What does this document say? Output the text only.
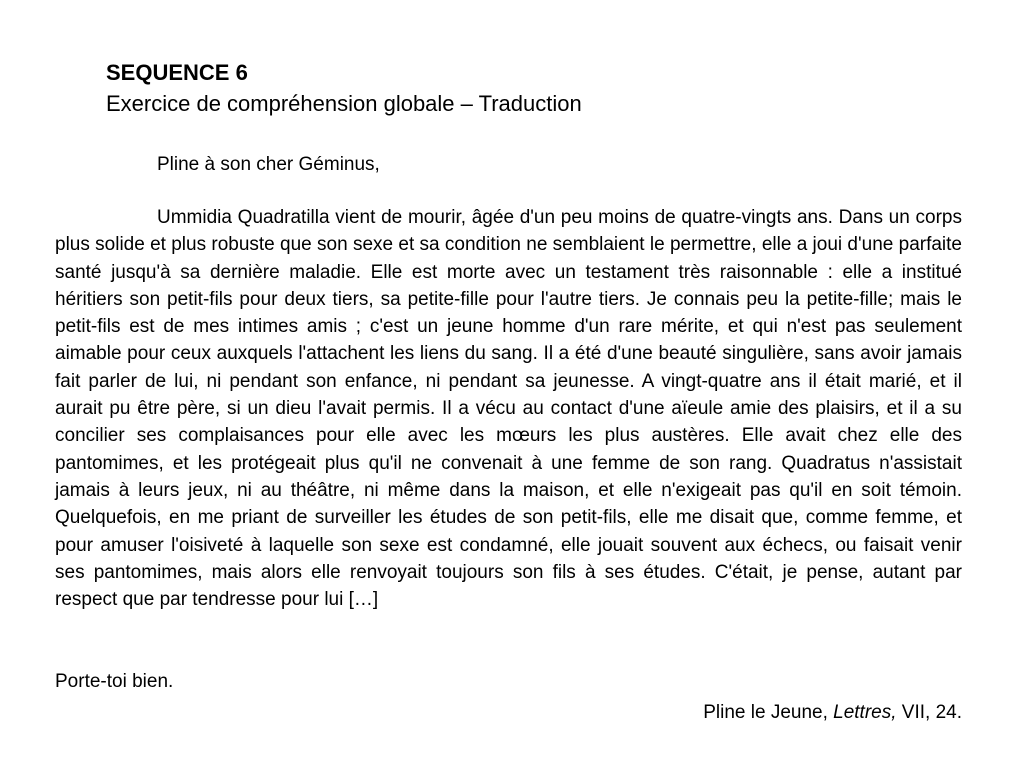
SEQUENCE 6

Exercice de compréhension globale – Traduction

Pline à son cher Géminus,

Ummidia Quadratilla vient de mourir, âgée d'un peu moins de quatre-vingts ans. Dans un corps plus solide et plus robuste que son sexe et sa condition ne semblaient le permettre, elle a joui d'une parfaite santé jusqu'à sa dernière maladie. Elle est morte avec un testament très raisonnable : elle a institué héritiers son petit-fils pour deux tiers, sa petite-fille pour l'autre tiers. Je connais peu la petite-fille; mais le petit-fils est de mes intimes amis ; c'est un jeune homme d'un rare mérite, et qui n'est pas seulement aimable pour ceux auxquels l'attachent les liens du sang. Il a été d'une beauté singulière, sans avoir jamais fait parler de lui, ni pendant son enfance, ni pendant sa jeunesse. A vingt-quatre ans il était marié, et il aurait pu être père, si un dieu l'avait permis. Il a vécu au contact d'une aïeule amie des plaisirs, et il a su concilier ses complaisances pour elle avec les mœurs les plus austères. Elle avait chez elle des pantomimes, et les protégeait plus qu'il ne convenait à une femme de son rang. Quadratus n'assistait jamais à leurs jeux, ni au théâtre, ni même dans la maison, et elle n'exigeait pas qu'il en soit témoin. Quelquefois, en me priant de surveiller les études de son petit-fils, elle me disait que, comme femme, et pour amuser l'oisiveté à laquelle son sexe est condamné, elle jouait souvent aux échecs, ou faisait venir ses pantomimes, mais alors elle renvoyait toujours son fils à ses études. C'était, je pense, autant par respect que par tendresse pour lui […]

Porte-toi bien.

Pline le Jeune, Lettres, VII, 24.
